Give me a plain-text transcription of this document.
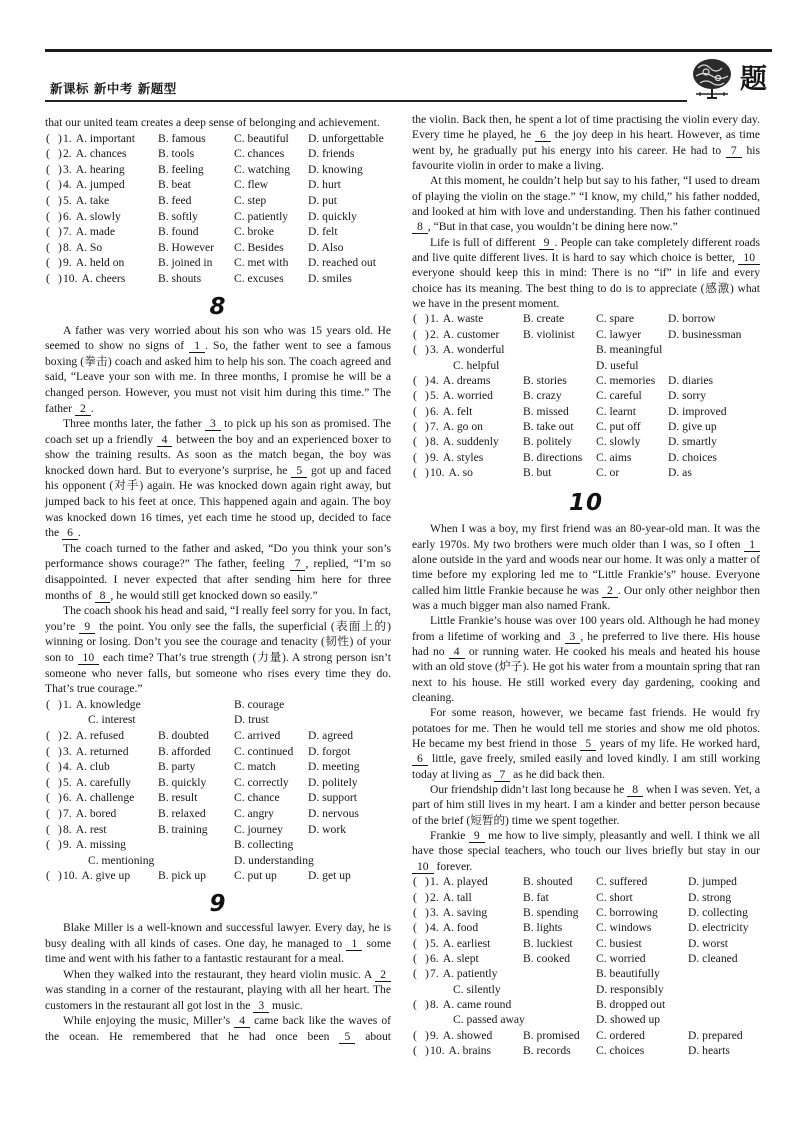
新课标 新中考 新题型	题

that our united team creates a deep sense of belonging and achievement.

( ) 1. A. important B. famous C. beautiful D. unforgettable
( ) 2. A. chances	B. tools	C. chances D. friends
( ) 3. A. hearing	B. feeling	C. watching D. knowing
( ) 4. A. jumped	B. beat	C. flew	D. hurt
( ) 5. A. take	B. feed	C. step	D. put
( ) 6. A. slowly	B. softly	C. patiently D. quickly
( ) 7. A. made	B. found	C. broke	D. felt
( ) 8. A. So	B. However C. Besides D. Also
( ) 9. A. held on	B. joined in C. met with D. reached out
( ) 10. A. cheers	B. shouts	C. excuses D. smiles
8

A father was very worried about his son who was 15 years old. He seemed to show no signs of 1 . So, the father went to see a famous boxing (拳击) coach and asked him to help his son. The coach agreed and said, “Leave your son with me. In three months, I promise he will be a changed person. However, you must not visit him during this time.” The father 2 .

Three months later, the father 3 to pick up his son as promised. The coach set up a friendly 4 between the boy and an experienced boxer to show the training results. As soon as the match began, the boy was knocked down hard. But to everyone’s surprise, he 5 got up and faced his opponent (对手) again. He was knocked down again right away, but jumped back to his feet at once. This happened again and again. The boy was knocked down 16 times, yet each time he stood up, decided to face the 6 .

The coach turned to the father and asked, “Do you think your son’s performance shows courage?” The father, feeling 7 , replied, “I’m so disappointed. I never expected that after sending him here for three months of 8 , he would still get knocked down so easily.”

The coach shook his head and said, “I really feel sorry for you. In fact, you’re 9 the point. You only see the falls, the superficial (表面上的) winning or losing. Don’t you see the courage and tenacity (韧性) of your son to 10 each time? That’s true strength (力量). A strong person isn’t someone who never falls, but someone who rises every time they do. That’s true courage.”

( ) 1. A. knowledge	B. courage
C. interest	D. trust
( ) 2. A. refused	B. doubted C. arrived D. agreed
( ) 3. A. returned	B. afforded C. continued D. forgot
( ) 4. A. club	B. party	C. match	D. meeting
( ) 5. A. carefully B. quickly C. correctly D. politely
( ) 6. A. challenge B. result	C. chance D. support
( ) 7. A. bored	B. relaxed C. angry	D. nervous
( ) 8. A. rest	B. training C. journey D. work
( ) 9. A. missing	B. collecting
C. mentioning	D. understanding
( ) 10. A. give up B. pick up C. put up	D. get up
9

Blake Miller is a well-known and successful lawyer. Every day, he is busy dealing with all kinds of cases. One day, he managed to 1 some time and went with his father to a fantastic restaurant for a meal.

When they walked into the restaurant, they heard violin music. A 2 was standing in a corner of the restaurant, playing with all her heart. The customers in the restaurant all got lost in the 3 music.

While enjoying the music, Miller’s 4 came back like the waves of the ocean. He remembered that he had once been 5 about

the violin. Back then, he spent a lot of time practising the violin every day. Every time he played, he 6 the joy deep in his heart. However, as time went by, he gradually put his energy into his career. He had to 7 his favourite violin in order to make a living.

At this moment, he couldn’t help but say to his father, “I used to dream of playing the violin on the stage.” “I know, my child,” his father nodded, and looked at him with love and understanding. Then his father continued 8 , “But in that case, you wouldn’t be dining here now.”

Life is full of different 9 . People can take completely different roads and live quite different lives. It is hard to say which choice is better, 10 everyone should keep this in mind: There is no “if” in life and every choice has its meaning. The best thing to do is to appreciate (感激) what we have in the present moment.

( ) 1. A. waste	B. create	C. spare	D. borrow
( ) 2. A. customer B. violinist C. lawyer D. businessman
( ) 3. A. wonderful	B. meaningful
C. helpful	D. useful
( ) 4. A. dreams	B. stories	C. memories D. diaries
( ) 5. A. worried	B. crazy	C. careful D. sorry
( ) 6. A. felt	B. missed C. learnt	D. improved
( ) 7. A. go on	B. take out C. put off D. give up
( ) 8. A. suddenly B. politely C. slowly D. smartly
( ) 9. A. styles	B. directions C. aims	D. choices
( ) 10. A. so	B. but	C. or	D. as
10

When I was a boy, my first friend was an 80-year-old man. It was the early 1970s. My two brothers were much older than I was, so I often 1 alone outside in the yard and woods near our home. It was only a matter of time before my exploring led me to “Little Frankie’s” house. Everyone called him little Frankie because he was 2 . Our only other neighbor then was a much bigger man also named Frank.

Little Frankie’s house was over 100 years old. Although he had money from a lifetime of working and 3 , he preferred to live there. His house had no 4 or running water. He cooked his meals and heated his house with an old stove (炉子). He got his water from a mountain spring that ran next to his house. He still worked every day gardening, cooking and cleaning.

For some reason, however, we became fast friends. He would fry potatoes for me. Then he would tell me stories and show me old photos. He became my best friend in those 5 years of my life. He worked hard, 6 little, gave freely, smiled easily and loved kindly. I am still working today at living as 7 as he did back then.

Our friendship didn’t last long because he 8 when I was seven. Yet, a part of him still lives in my heart. I am a kinder and better person because of the brief (短暂的) time we spent together.

Frankie 9 me how to live simply, pleasantly and well. I think we all have those special teachers, who touch our lives briefly but stay in our 10 forever.

( ) 1. A. played	B. shouted C. suffered	D. jumped
( ) 2. A. tall	B. fat	C. short	D. strong
( ) 3. A. saving	B. spending C. borrowing	D. collecting
( ) 4. A. food	B. lights	C. windows	D. electricity
( ) 5. A. earliest	B. luckiest C. busiest	D. worst
( ) 6. A. slept	B. cooked C. worried	D. cleaned
( ) 7. A. patiently	B. beautifully
C. silently	D. responsibly
( ) 8. A. came round	B. dropped out
C. passed away	D. showed up
( ) 9. A. showed	B. promised C. ordered	D. prepared
( ) 10. A. brains	B. records C. choices	D. hearts
